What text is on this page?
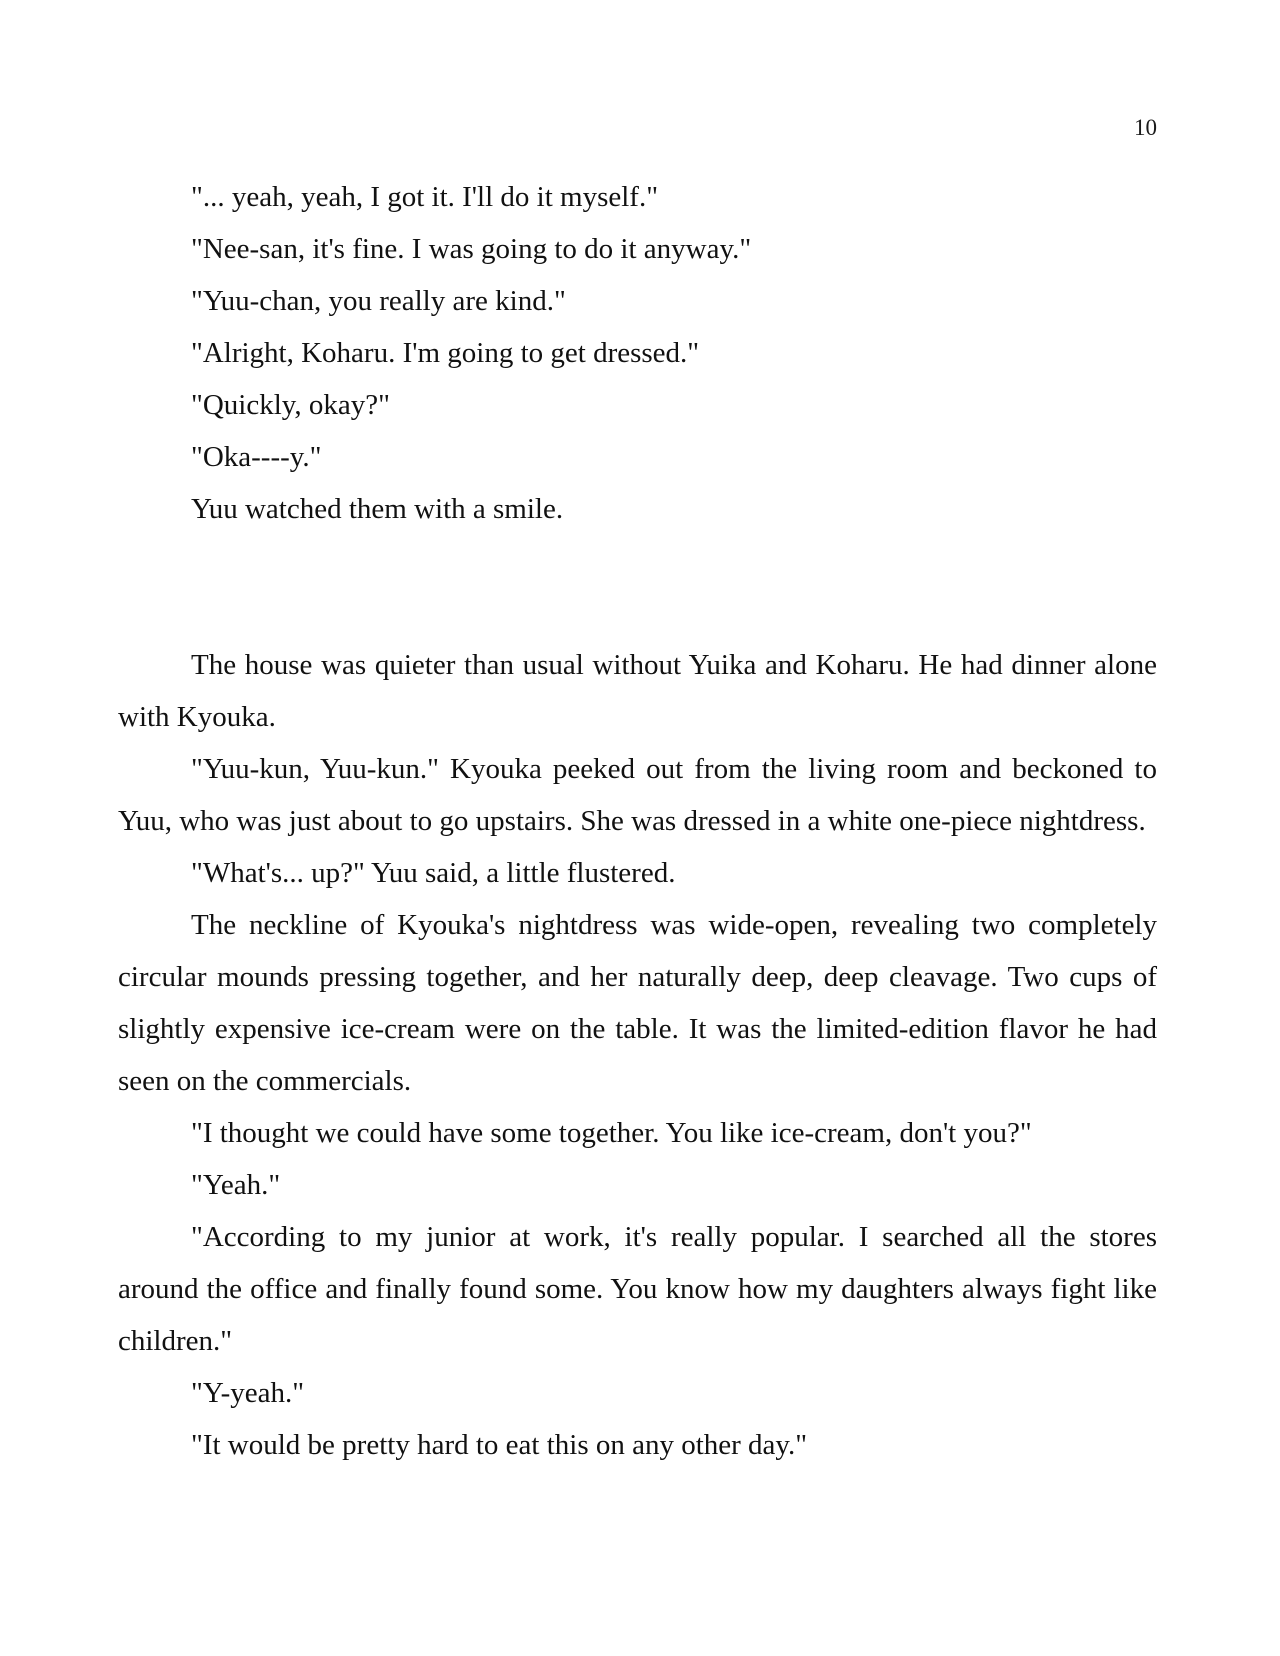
10

"... yeah, yeah, I got it. I'll do it myself."

"Nee-san, it's fine. I was going to do it anyway."

"Yuu-chan, you really are kind."

"Alright, Koharu. I'm going to get dressed."

"Quickly, okay?"

"Oka----y."

Yuu watched them with a smile.

The house was quieter than usual without Yuika and Koharu. He had dinner alone with Kyouka.

"Yuu-kun, Yuu-kun." Kyouka peeked out from the living room and beckoned to Yuu, who was just about to go upstairs. She was dressed in a white one-piece nightdress.

"What's... up?" Yuu said, a little flustered.

The neckline of Kyouka's nightdress was wide-open, revealing two completely circular mounds pressing together, and her naturally deep, deep cleavage. Two cups of slightly expensive ice-cream were on the table. It was the limited-edition flavor he had seen on the commercials.

"I thought we could have some together. You like ice-cream, don't you?"

"Yeah."

"According to my junior at work, it's really popular. I searched all the stores around the office and finally found some. You know how my daughters always fight like children."

"Y-yeah."

"It would be pretty hard to eat this on any other day."
